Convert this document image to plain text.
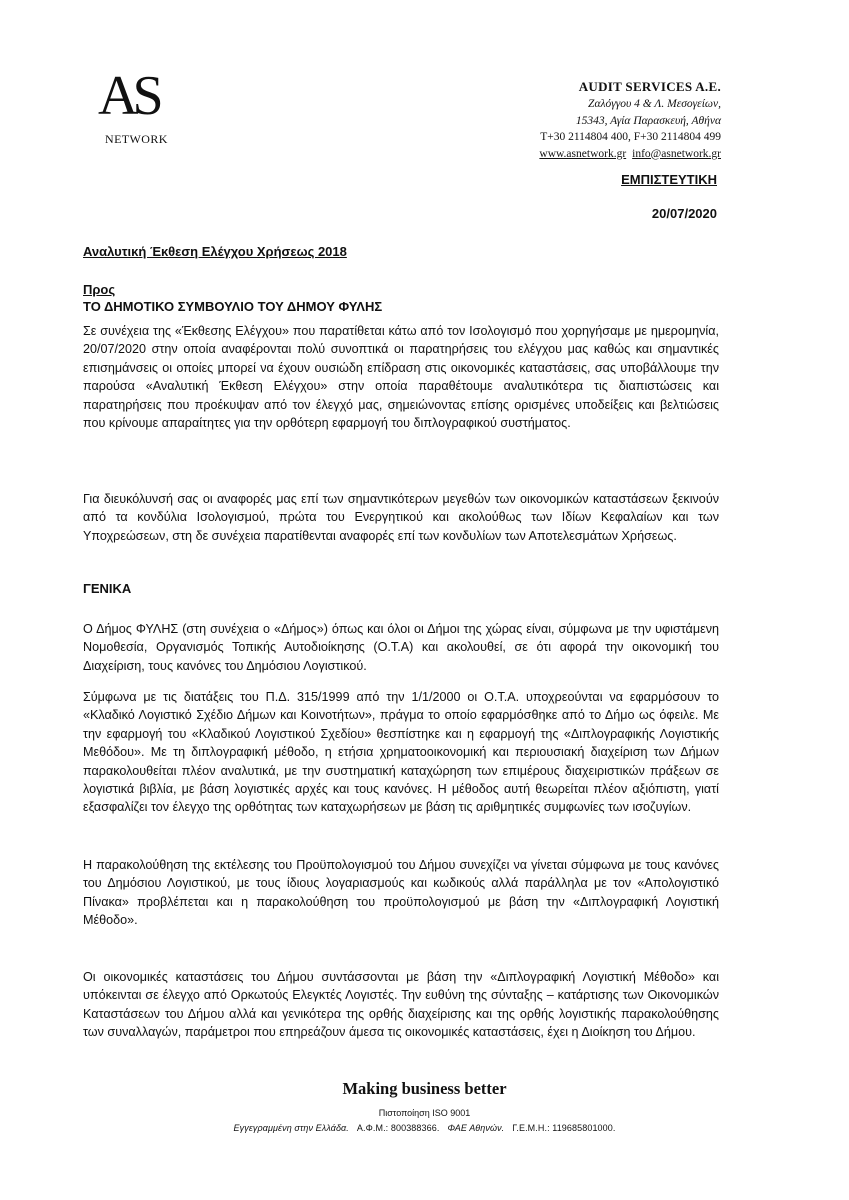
AS
NETWORK
AUDIT SERVICES A.E.
Ζαλόγγου 4 & Λ. Μεσογείων,
15343, Αγία Παρασκευή, Αθήνα
T+30 2114804 400, F+30 2114804 499
www.asnetwork.gr info@asnetwork.gr
ΕΜΠΙΣΤΕΥΤΙΚΗ
20/07/2020
Αναλυτική Έκθεση Ελέγχου Χρήσεως 2018
Προς
ΤΟ ΔΗΜΟΤΙΚΟ ΣΥΜΒΟΥΛΙΟ ΤΟΥ ΔΗΜΟΥ ΦΥΛΗΣ

Σε συνέχεια της «Έκθεσης Ελέγχου» που παρατίθεται κάτω από τον Ισολογισμό που χορηγήσαμε με ημερομηνία, 20/07/2020 στην οποία αναφέρονται πολύ συνοπτικά οι παρατηρήσεις του ελέγχου μας καθώς και σημαντικές επισημάνσεις οι οποίες μπορεί να έχουν ουσιώδη επίδραση στις οικονομικές καταστάσεις, σας υποβάλλουμε την παρούσα «Αναλυτική Έκθεση Ελέγχου» στην οποία παραθέτουμε αναλυτικότερα τις διαπιστώσεις και παρατηρήσεις που προέκυψαν από τον έλεγχό μας, σημειώνοντας επίσης ορισμένες υποδείξεις και βελτιώσεις που κρίνουμε απαραίτητες για την ορθότερη εφαρμογή του διπλογραφικού συστήματος.

Για διευκόλυνσή σας οι αναφορές μας επί των σημαντικότερων μεγεθών των οικονομικών καταστάσεων ξεκινούν από τα κονδύλια Ισολογισμού, πρώτα του Ενεργητικού και ακολούθως των Ιδίων Κεφαλαίων και των Υποχρεώσεων, στη δε συνέχεια παρατίθενται αναφορές επί των κονδυλίων των Αποτελεσμάτων Χρήσεως.

ΓΕΝΙΚΑ

Ο Δήμος ΦΥΛΗΣ (στη συνέχεια ο «Δήμος») όπως και όλοι οι Δήμοι της χώρας είναι, σύμφωνα με την υφιστάμενη Νομοθεσία, Οργανισμός Τοπικής Αυτοδιοίκησης (Ο.Τ.Α) και ακολουθεί, σε ότι αφορά την οικονομική του Διαχείριση, τους κανόνες του Δημόσιου Λογιστικού.

Σύμφωνα με τις διατάξεις του Π.Δ. 315/1999 από την 1/1/2000 οι Ο.Τ.Α. υποχρεούνται να εφαρμόσουν το «Κλαδικό Λογιστικό Σχέδιο Δήμων και Κοινοτήτων», πράγμα το οποίο εφαρμόσθηκε από το Δήμο ως όφειλε. Με την εφαρμογή του «Κλαδικού Λογιστικού Σχεδίου» θεσπίστηκε και η εφαρμογή της «Διπλογραφικής Λογιστικής Μεθόδου». Με τη διπλογραφική μέθοδο, η ετήσια χρηματοοικονομική και περιουσιακή διαχείριση των Δήμων παρακολουθείται πλέον αναλυτικά, με την συστηματική καταχώρηση των επιμέρους διαχειριστικών πράξεων σε λογιστικά βιβλία, με βάση λογιστικές αρχές και τους κανόνες. Η μέθοδος αυτή θεωρείται πλέον αξιόπιστη, γιατί εξασφαλίζει τον έλεγχο της ορθότητας των καταχωρήσεων με βάση τις αριθμητικές συμφωνίες των ισοζυγίων.

Η παρακολούθηση της εκτέλεσης του Προϋπολογισμού του Δήμου συνεχίζει να γίνεται σύμφωνα με τους κανόνες του Δημόσιου Λογιστικού, με τους ίδιους λογαριασμούς και κωδικούς αλλά παράλληλα με τον «Απολογιστικό Πίνακα» προβλέπεται και η παρακολούθηση του προϋπολογισμού με βάση την «Διπλογραφική Λογιστική Μέθοδο».

Οι οικονομικές καταστάσεις του Δήμου συντάσσονται με βάση την «Διπλογραφική Λογιστική Μέθοδο» και υπόκεινται σε έλεγχο από Ορκωτούς Ελεγκτές Λογιστές. Την ευθύνη της σύνταξης – κατάρτισης των Οικονομικών Καταστάσεων του Δήμου αλλά και γενικότερα της ορθής διαχείρισης και της ορθής λογιστικής παρακολούθησης των συναλλαγών, παράμετροι που επηρεάζουν άμεσα τις οικονομικές καταστάσεις, έχει η Διοίκηση του Δήμου.

Making business better
Πιστοποίηση ISO 9001
Εγγεγραμμένη στην Ελλάδα. Α.Φ.Μ.: 800388366. ΦΑΕ Αθηνών. Γ.Ε.Μ.Η.: 119685801000.
